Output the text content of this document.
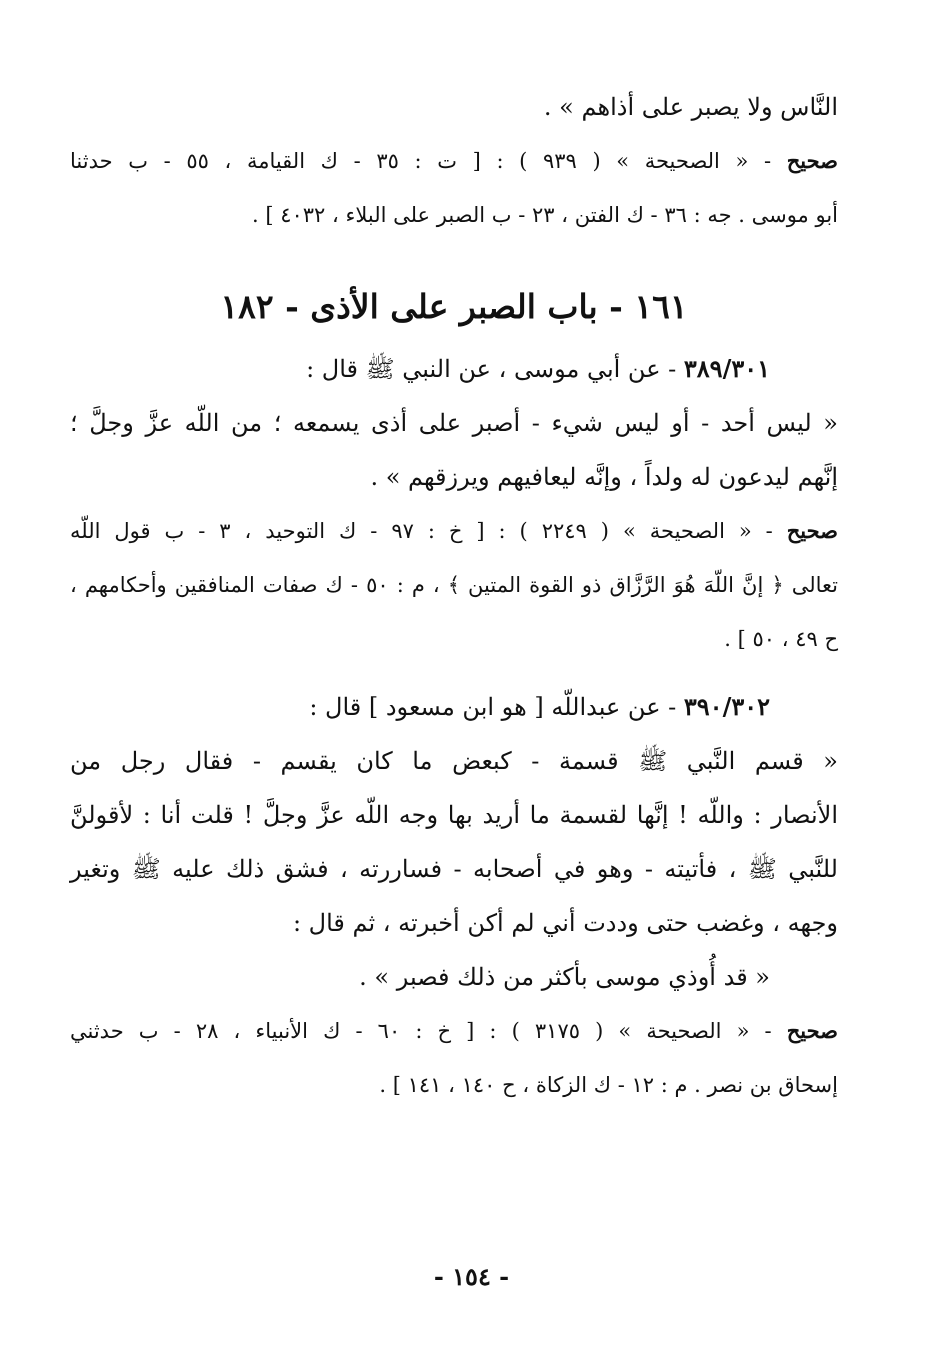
النَّاس ولا يصبر على أذاهم » .
صحيح - « الصحيحة » ( ٩٣٩ ) : [ ت : ٣٥ - ك القيامة ، ٥٥ - ب حدثنا
أبو موسى . جه : ٣٦ - ك الفتن ، ٢٣ - ب الصبر على البلاء ، ٤٠٣٢ ] .
١٦١ - باب الصبر على الأذى - ١٨٢
٣٨٩/٣٠١ - عن أبي موسى ، عن النبي ﷺ قال :
« ليس أحد - أو ليس شيء - أصبر على أذى يسمعه ؛ من اللّه عزَّ وجلَّ ؛
إنَّهم ليدعون له ولداً ، وإنَّه ليعافيهم ويرزقهم » .
صحيح - « الصحيحة » ( ٢٢٤٩ ) : [ خ : ٩٧ - ك التوحيد ، ٣ - ب قول اللّه
تعالى ﴿ إنَّ اللّهَ هُوَ الرَّزَّاق ذو القوة المتين ﴾ ، م : ٥٠ - ك صفات المنافقين وأحكامهم ،
ح ٤٩ ، ٥٠ ] .
٣٩٠/٣٠٢ - عن عبداللّه [ هو ابن مسعود ] قال :
« قسم النَّبي ﷺ قسمة - كبعض ما كان يقسم - فقال رجل من
الأنصار : واللّه ! إنَّها لقسمة ما أريد بها وجه اللّه عزَّ وجلَّ ! قلت أنا : لأقولنَّ
للنَّبي ﷺ ، فأتيته - وهو في أصحابه - فساررته ، فشق ذلك عليه ﷺ وتغير
وجهه ، وغضب حتى وددت أني لم أكن أخبرته ، ثم قال :
« قد أُوذي موسى بأكثر من ذلك فصبر » .
صحيح - « الصحيحة » ( ٣١٧٥ ) : [ خ : ٦٠ - ك الأنبياء ، ٢٨ - ب حدثني
إسحاق بن نصر . م : ١٢ - ك الزكاة ، ح ١٤٠ ، ١٤١ ] .
- ١٥٤ -
